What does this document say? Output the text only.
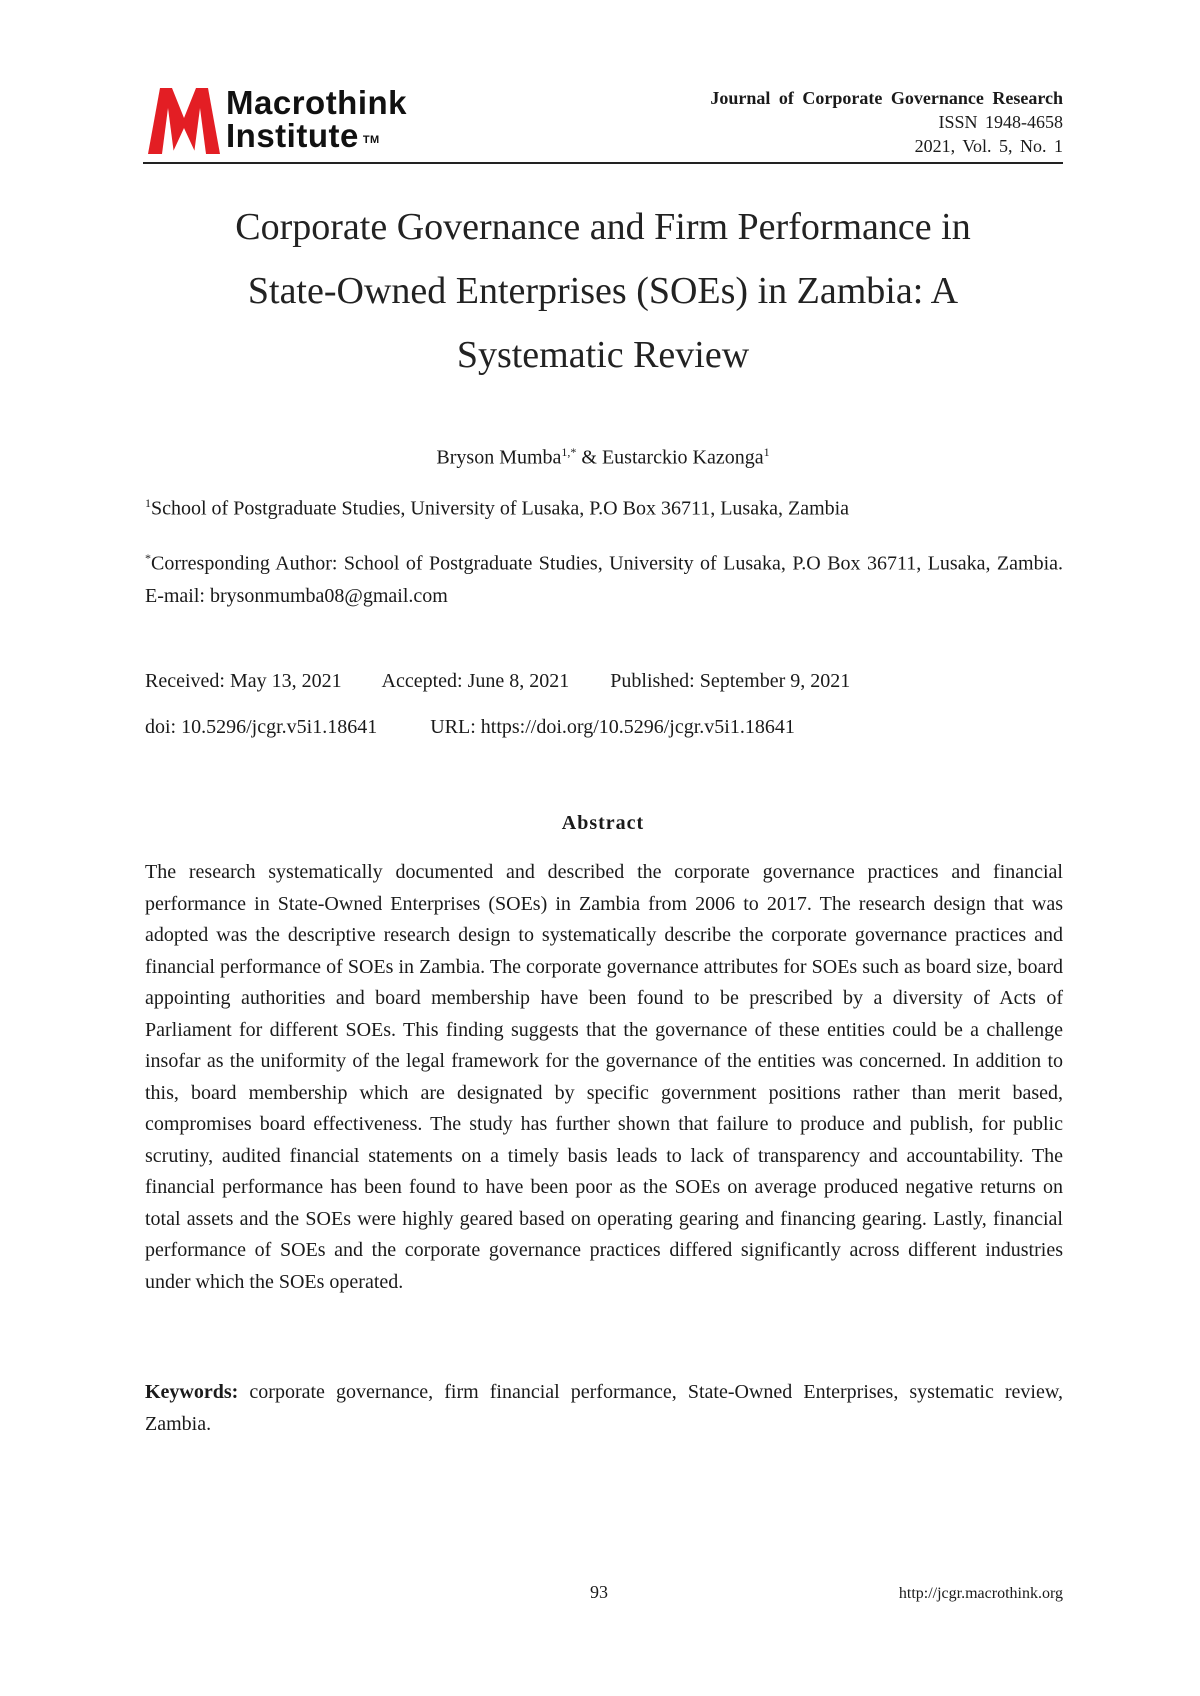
Macrothink
Institute ™
Journal of Corporate Governance Research
ISSN 1948-4658
2021, Vol. 5, No. 1
Corporate Governance and Firm Performance in
State-Owned Enterprises (SOEs) in Zambia: A
Systematic Review
Bryson Mumba$^{1,*}$ & Eustarckio Kazonga$^1$
$^1$School of Postgraduate Studies, University of Lusaka, P.O Box 36711, Lusaka, Zambia
*Corresponding Author: School of Postgraduate Studies, University of Lusaka, P.O Box 36711, Lusaka, Zambia. E-mail: brysonmumba08@gmail.com
Received: May 13, 2021 Accepted: June 8, 2021 Published: September 9, 2021
doi: 10.5296/jcgr.v5i1.18641	URL: https://doi.org/10.5296/jcgr.v5i1.18641
Abstract
The research systematically documented and described the corporate governance practices and financial performance in State-Owned Enterprises (SOEs) in Zambia from 2006 to 2017. The research design that was adopted was the descriptive research design to systematically describe the corporate governance practices and financial performance of SOEs in Zambia. The corporate governance attributes for SOEs such as board size, board appointing authorities and board membership have been found to be prescribed by a diversity of Acts of Parliament for different SOEs. This finding suggests that the governance of these entities could be a challenge insofar as the uniformity of the legal framework for the governance of the entities was concerned. In addition to this, board membership which are designated by specific government positions rather than merit based, compromises board effectiveness. The study has further shown that failure to produce and publish, for public scrutiny, audited financial statements on a timely basis leads to lack of transparency and accountability. The financial performance has been found to have been poor as the SOEs on average produced negative returns on total assets and the SOEs were highly geared based on operating gearing and financing gearing. Lastly, financial performance of SOEs and the corporate governance practices differed significantly across different industries under which the SOEs operated.
Keywords: corporate governance, firm financial performance, State-Owned Enterprises, systematic review, Zambia.
93	http://jcgr.macrothink.org
